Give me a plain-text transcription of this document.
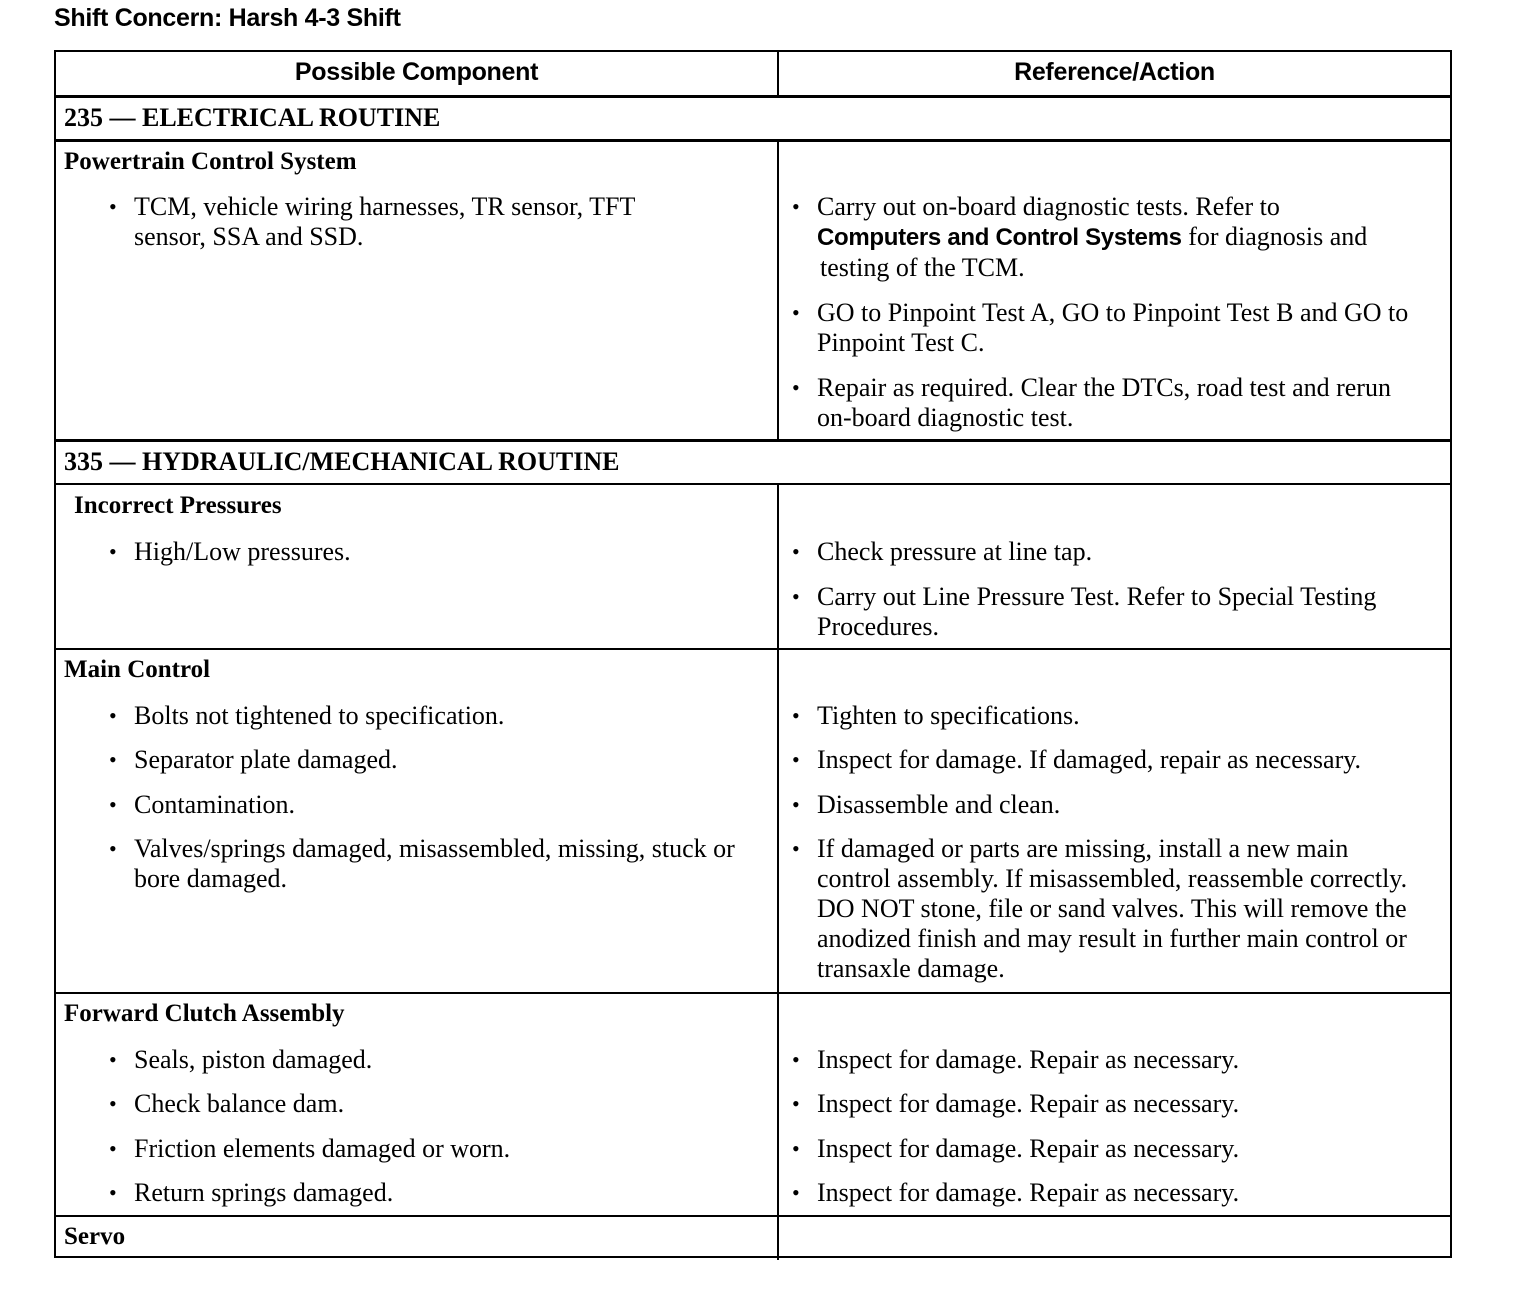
Shift Concern: Harsh 4-3 Shift
Possible Component	Reference/Action
235 — ELECTRICAL ROUTINE
Powertrain Control System
• TCM, vehicle wiring harnesses, TR sensor, TFT sensor, SSA and SSD.
• Carry out on-board diagnostic tests. Refer to
Computers and Control Systems for diagnosis and
testing of the TCM.
• GO to Pinpoint Test A, GO to Pinpoint Test B and GO to Pinpoint Test C.
• Repair as required. Clear the DTCs, road test and rerun on-board diagnostic test.
335 — HYDRAULIC/MECHANICAL ROUTINE
Incorrect Pressures
• High/Low pressures.	• Check pressure at line tap.
• Carry out Line Pressure Test. Refer to Special Testing Procedures.
Main Control
• Bolts not tightened to specification.
• Separator plate damaged.
• Contamination.
• Valves/springs damaged, misassembled, missing, stuck or bore damaged.
• Tighten to specifications.
• Inspect for damage. If damaged, repair as necessary.
• Disassemble and clean.
• If damaged or parts are missing, install a new main control assembly. If misassembled, reassemble correctly. DO NOT stone, file or sand valves. This will remove the anodized finish and may result in further main control or transaxle damage.
Forward Clutch Assembly
• Seals, piston damaged.
• Check balance dam.
• Friction elements damaged or worn.
• Return springs damaged.
• Inspect for damage. Repair as necessary.
• Inspect for damage. Repair as necessary.
• Inspect for damage. Repair as necessary.
• Inspect for damage. Repair as necessary.
Servo
